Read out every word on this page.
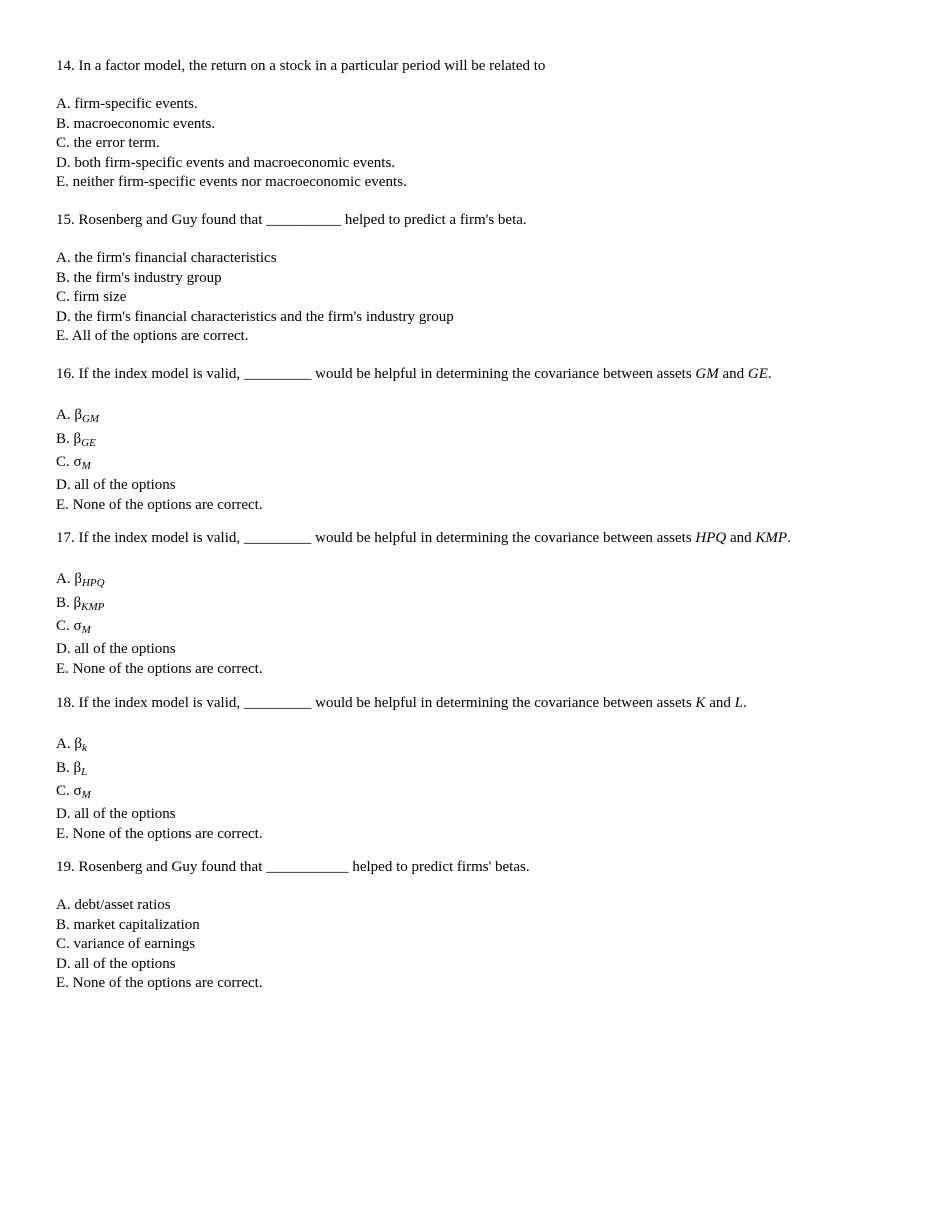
14. In a factor model, the return on a stock in a particular period will be related to

A. firm-specific events.
B. macroeconomic events.
C. the error term.
D. both firm-specific events and macroeconomic events.
E. neither firm-specific events nor macroeconomic events.

15. Rosenberg and Guy found that __________ helped to predict a firm's beta.

A. the firm's financial characteristics
B. the firm's industry group
C. firm size
D. the firm's financial characteristics and the firm's industry group
E. All of the options are correct.

16. If the index model is valid, _________ would be helpful in determining the covariance between assets GM and GE.

A. $\beta_{GM}$
B. $\beta_{GE}$
C. $\sigma_M$
D. all of the options
E. None of the options are correct.

17. If the index model is valid, _________ would be helpful in determining the covariance between assets HPQ and KMP.

A. $\beta_{HPQ}$
B. $\beta_{KMP}$
C. $\sigma_M$
D. all of the options
E. None of the options are correct.

18. If the index model is valid, _________ would be helpful in determining the covariance between assets K and L.

A. $\beta_k$
B. $\beta_L$
C. $\sigma_M$
D. all of the options
E. None of the options are correct.

19. Rosenberg and Guy found that ___________ helped to predict firms' betas.

A. debt/asset ratios
B. market capitalization
C. variance of earnings
D. all of the options
E. None of the options are correct.
